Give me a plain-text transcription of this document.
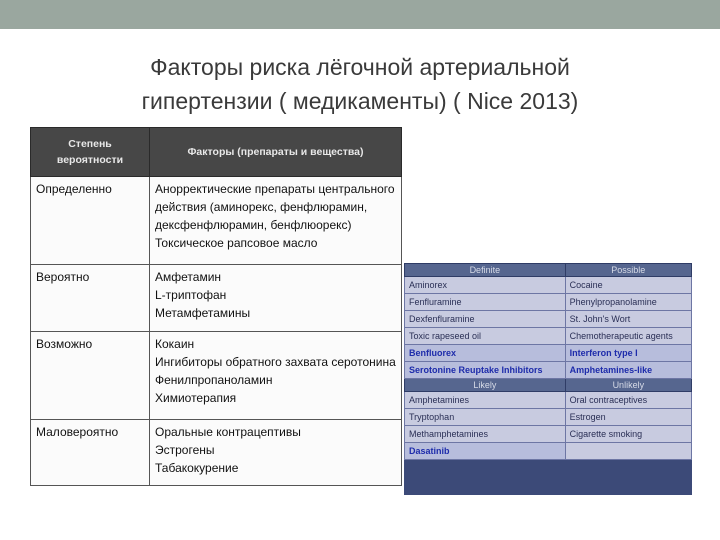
Факторы риска лёгочной артериальной
гипертензии ( медикаменты) ( Nice 2013)
Степень вероятности	Факторы (препараты и вещества)
Определенно	Анорректические препараты центрального
действия (аминорекс, фенфлюрамин,
дексфенфлюрамин, бенфлюорекс)
Токсическое рапсовое масло

Вероятно	Амфетамин
L-триптофан
Метамфетамины

Возможно	Кокаин
Ингибиторы обратного захвата серотонина
Фенилпропаноламин
Химиотерапия

Маловероятно	Оральные контрацептивы
Эстрогены
Табакокурение
Definite	Possible
Aminorex	Cocaine
Fenfluramine	Phenylpropanolamine
Dexfenfluramine	St. John's Wort
Toxic rapeseed oil	Chemotherapeutic agents
Benfluorex	Interferon type I
Serotonine Reuptake Inhibitors	Amphetamines-like
Likely	Unlikely
Amphetamines	Oral contraceptives
Tryptophan	Estrogen
Methamphetamines	Cigarette smoking
Dasatinib	
